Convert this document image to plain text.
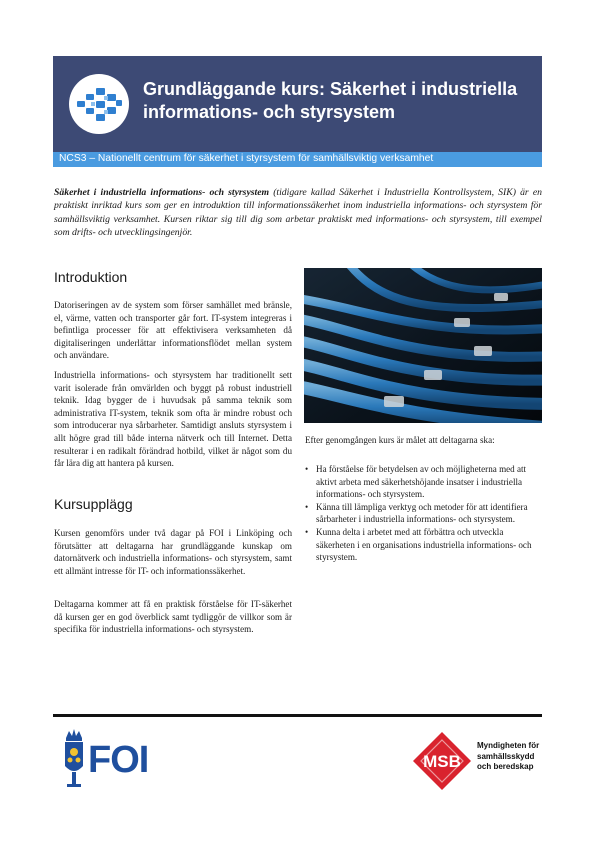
Grundläggande kurs: Säkerhet i industriella informations- och styrsystem
NCS3 – Nationellt centrum för säkerhet i styrsystem för samhällsviktig verksamhet

Säkerhet i industriella informations- och styrsystem (tidigare kallad Säkerhet i Industriella Kontrollsystem, SIK) är en praktiskt inriktad kurs som ger en introduktion till informationssäkerhet inom industriella informations- och styrsystem för samhällsviktig verksamhet. Kursen riktar sig till dig som arbetar praktiskt med informations- och styrsystem, till exempel som drifts- och utvecklingsingenjör.

Introduktion

Datoriseringen av de system som förser samhället med bränsle, el, värme, vatten och transporter går fort. IT-system integreras i befintliga processer för att effektivisera verksamheten då digitaliseringen underlättar informationsflödet mellan system och användare.

Industriella informations- och styrsystem har traditionellt sett varit isolerade från omvärlden och byggt på robust industriell teknik. Idag bygger de i huvudsak på samma teknik som administrativa IT-system, teknik som ofta är mindre robust och som introducerar nya sårbarheter. Samtidigt ansluts styrsystem i allt högre grad till både interna nätverk och till Internet. Detta resulterar i en radikalt förändrad hotbild, vilket är något som du får lära dig att hantera på kursen.

Kursupplägg

Kursen genomförs under två dagar på FOI i Linköping och förutsätter att deltagarna har grundläggande kunskap om datornätverk och industriella informations- och styrsystem, samt ett allmänt intresse för IT- och informationssäkerhet.

Deltagarna kommer att få en praktisk förståelse för IT-säkerhet då kursen ger en god överblick samt tydliggör de villkor som är specifika för industriella informations- och styrsystem.

Efter genomgången kurs är målet att deltagarna ska:

• Ha förståelse för betydelsen av och möjligheterna med att aktivt arbeta med säkerhetshöjande insatser i industriella informations- och styrsystem.
• Känna till lämpliga verktyg och metoder för att identifiera sårbarheter i industriella informations- och styrsystem.
• Kunna delta i arbetet med att förbättra och utveckla säkerheten i en organisations industriella informations- och styrsystem.
FOI	MSB

Myndigheten för
samhällsskydd
och beredskap
